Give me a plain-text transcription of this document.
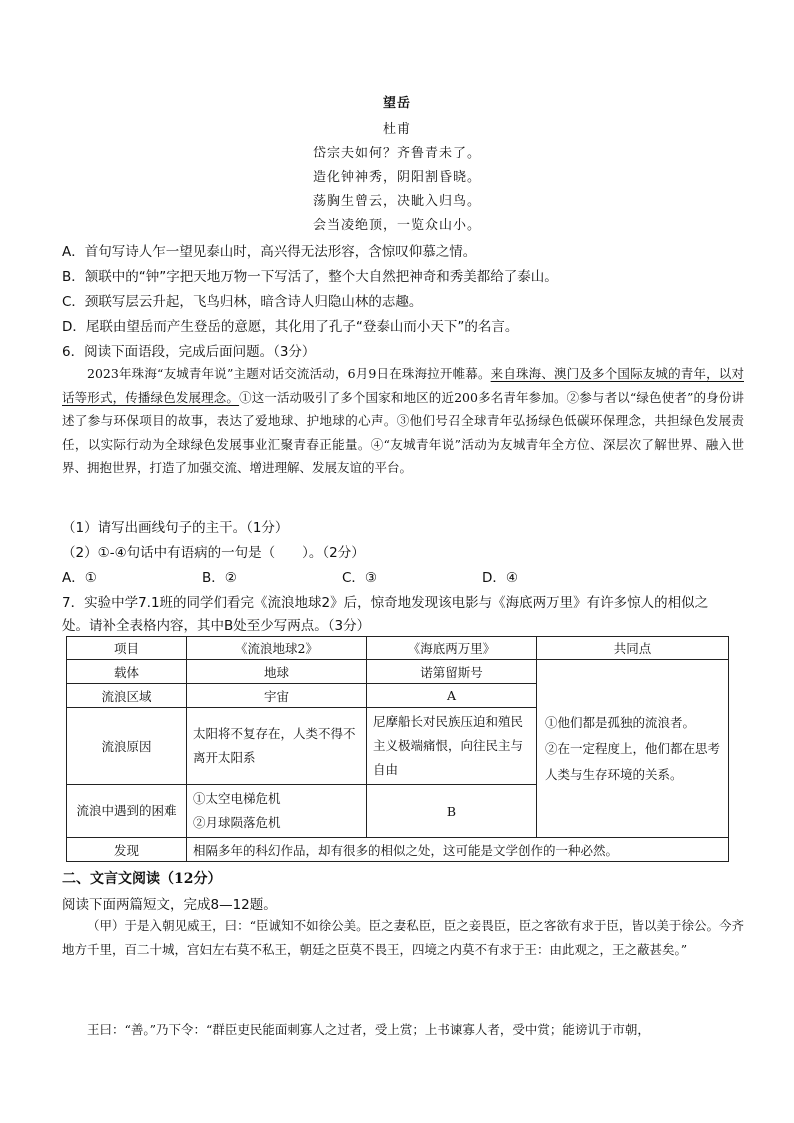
望岳
杜甫
岱宗夫如何？齐鲁青未了。
造化钟神秀，阴阳割昏晓。
荡胸生曾云，决眦入归鸟。
会当凌绝顶，一览众山小。
A．首句写诗人乍一望见泰山时，高兴得无法形容，含惊叹仰慕之情。
B．颔联中的“钟”字把天地万物一下写活了，整个大自然把神奇和秀美都给了泰山。
C．颈联写层云升起，飞鸟归林，暗含诗人归隐山林的志趣。
D．尾联由望岳而产生登岳的意愿，其化用了孔子“登泰山而小天下”的名言。
6．阅读下面语段，完成后面问题。（3分）

2023年珠海“友城青年说”主题对话交流活动，6月9日在珠海拉开帷幕。来自珠海、澳门及多个国际友城的青年，以对话等形式，传播绿色发展理念。①这一活动吸引了多个国家和地区的近200多名青年参加。②参与者以“绿色使者”的身份讲述了参与环保项目的故事，表达了爱地球、护地球的心声。③他们号召全球青年弘扬绿色低碳环保理念，共担绿色发展责任，以实际行动为全球绿色发展事业汇聚青春正能量。④“友城青年说”活动为友城青年全方位、深层次了解世界、融入世界、拥抱世界，打造了加强交流、增进理解、发展友谊的平台。

（1）请写出画线句子的主干。（1分）
（2）①-④句话中有语病的一句是（　　）。（2分）
A．①	B．②	C．③	D．④
7．实验中学7.1班的同学们看完《流浪地球2》后，惊奇地发现该电影与《海底两万里》有许多惊人的相似之
处。请补全表格内容，其中B处至少写两点。（3分）
项目	《流浪地球2》	《海底两万里》	共同点
载体	地球	诺第留斯号	①他们都是孤独的流浪者。
②在一定程度上，他们都在思考人类与生存环境的关系。

流浪区域	宇宙	A	
流浪原因	太阳将不复存在，人类不得不离开太阳系	尼摩船长对民族压迫和殖民主义极端痛恨，向往民主与自由	
流浪中遇到的困难	①太空电梯危机
②月球陨落危机	B	
发现	相隔多年的科幻作品，却有很多的相似之处，这可能是文学创作的一种必然。		
二、文言文阅读（12分）
阅读下面两篇短文，完成8—12题。

（甲）于是入朝见威王，曰：“臣诚知不如徐公美。臣之妻私臣，臣之妾畏臣，臣之客欲有求于臣，皆以美于徐公。今齐地方千里，百二十城，宫妇左右莫不私王，朝廷之臣莫不畏王，四境之内莫不有求于王：由此观之，王之蔽甚矣。”

王曰：“善。”乃下令：“群臣吏民能面刺寡人之过者，受上赏；上书谏寡人者，受中赏；能谤讥于市朝，
